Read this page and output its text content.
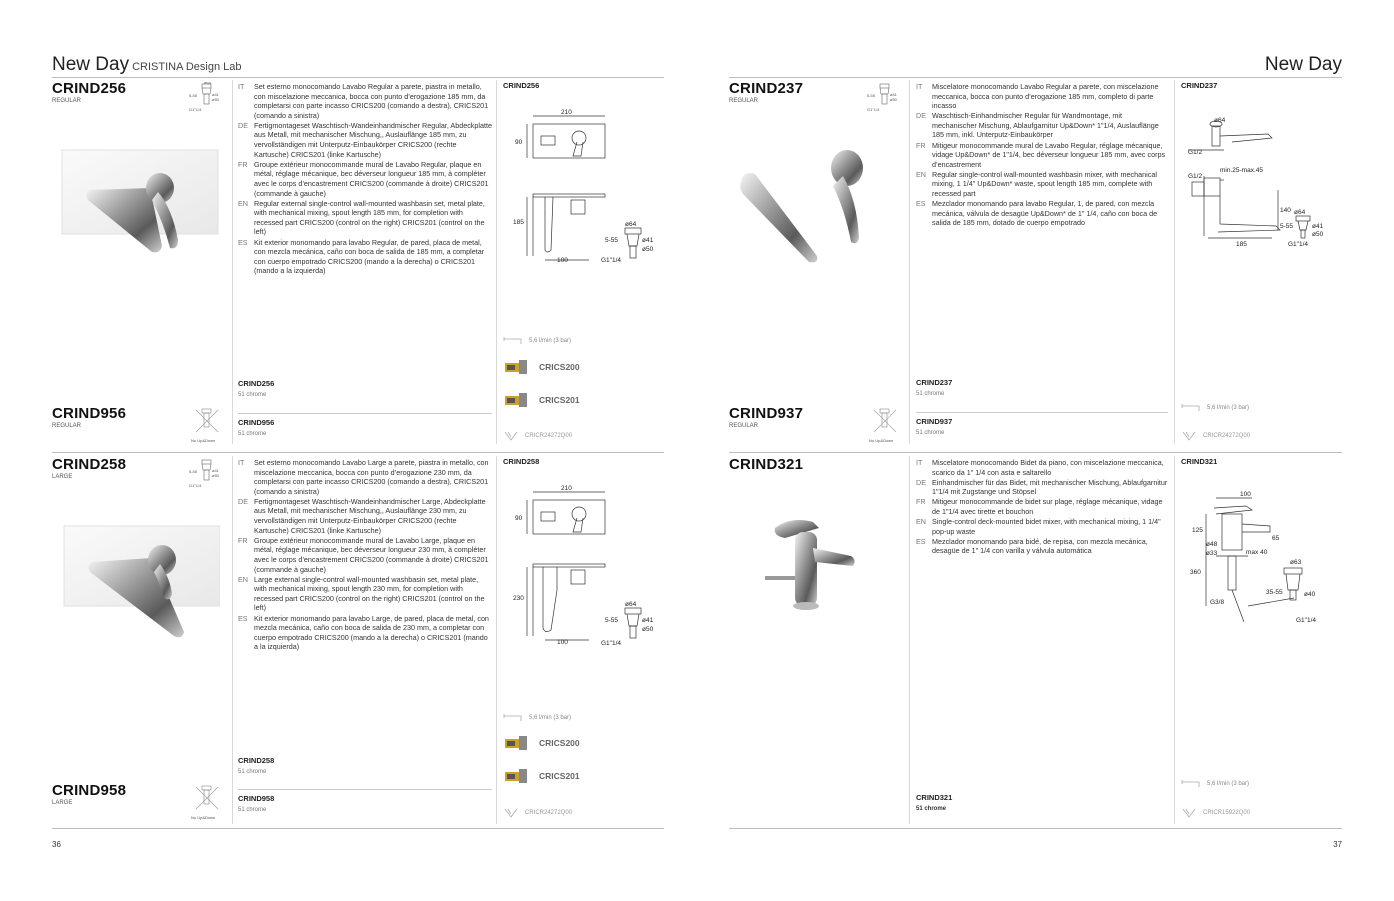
New Day CRISTINA Design Lab	New Day
CRIND256
REGULAR
5-55	ø41
ø50
G1"1/4
ø64	IT	Set esterno monocomando Lavabo Regular a parete, piastra in metallo, con miscelazione meccanica, bocca con punto d’erogazione 185 mm, da completarsi con parte incasso CRICS200 (comando a destra), CRICS201 (comando a sinistra)
DE Fertigmontageset Waschtisch-Wandeinhandmischer Regular, Abdeckplatte aus Metall, mit mechanischer Mischung,, Auslauflänge 185 mm, zu vervollständigen mit Unterputz-Einbaukörper CRICS200 (rechte Kartusche) CRICS201 (linke Kartusche)
FR Groupe extérieur monocommande mural de Lavabo Regular, plaque en métal, réglage mécanique, bec déverseur longueur 185 mm, à compléter avec le corps d’encastrement CRICS200 (commande à droite) CRICS201 (commande à gauche)
EN Regular external single-control wall-mounted washbasin set, metal plate, with mechanical mixing, spout length 185 mm, for completion with recessed part CRICS200 (control on the right) CRICS201 (control on the left)
ES Kit exterior monomando para lavabo Regular, de pared, placa de metal, con mezcla mecánica, caño con boca de salida de 185 mm, a completar con cuerpo empotrado CRICS200 (mando a la derecha) o CRICS201 (mando a la izquierda)
CRIND256
51 chrome
CRIND956
51 chrome
CRIND956
REGULAR
No Up&Down
CRIND256
210
90
185
100
ø64
5-55	ø41
ø50
G1"1/4
5,6 l/min (3 bar)
CRICS200
CRICS201
CRICR24272Q00
CRIND258
LARGE
5-55	ø41
ø50
G1"1/4
IT	Set esterno monocomando Lavabo Large a parete, piastra in metallo, con miscelazione meccanica, bocca con punto d’erogazione 230 mm, da completarsi con parte incasso CRICS200 (comando a destra), CRICS201 (comando a sinistra)
DE Fertigmontageset Waschtisch-Wandeinhandmischer Large, Abdeckplatte aus Metall, mit mechanischer Mischung,, Auslauflänge 230 mm, zu vervollständigen mit Unterputz-Einbaukörper CRICS200 (rechte Kartusche) CRICS201 (linke Kartusche)
FR Groupe extérieur monocommande mural de Lavabo Large, plaque en métal, réglage mécanique, bec déverseur longueur 230 mm, à compléter avec le corps d’encastrement CRICS200 (commande à droite) CRICS201 (commande à gauche)
EN Large external single-control wall-mounted washbasin set, metal plate, with mechanical mixing, spout length 230 mm, for completion with recessed part CRICS200 (control on the right) CRICS201 (control on the left)
ES Kit exterior monomando para lavabo Large, de pared, placa de metal, con mezcla mecánica, caño con boca de salida de 230 mm, a completar con cuerpo empotrado CRICS200 (mando a la derecha) o CRICS201 (mando a la izquierda)
CRIND258
51 chrome
CRIND958
51 chrome
CRIND958
LARGE
No Up&Down
CRIND258
210
90
230
100
ø64
5-55	ø41
ø50
G1"1/4
5,6 l/min (3 bar)
CRICS200
CRICS201
CRICR24272Q00
36
CRIND237
REGULAR
5-55	ø41
ø50
G1"1/4
IT	Miscelatore monocomando Lavabo Regular a parete, con miscelazione meccanica, bocca con punto d’erogazione 185 mm, completo di parte incasso
DE Waschtisch-Einhandmischer Regular für Wandmontage, mit mechanischer Mischung, Ablaufgarnitur Up&Down* 1"1/4, Auslauflänge 185 mm, inkl. Unterputz-Einbaukörper
FR Mitigeur monocommande mural de Lavabo Regular, réglage mécanique, vidage Up&Down* de 1"1/4, bec déverseur longueur 185 mm, avec corps d’encastrement
EN Regular single-control wall-mounted washbasin mixer, with mechanical mixing, 1 1/4" Up&Down* waste, spout length 185 mm, complete with recessed part
ES Mezclador monomando para lavabo Regular, 1, de pared, con mezcla mecánica, válvula de desagüe Up&Down* de 1" 1/4, caño con boca de salida de 185 mm, dotado de cuerpo empotrado
CRIND237
51 chrome
CRIND937
51 chrome
CRIND937
REGULAR
No Up&Down
CRIND237
ø64
G1/2
G1/2
min.25-max.45
140
185
ø64
5-55	ø41
ø50
G1"1/4
5,6 l/min (3 bar)
CRICR24272Q00
CRIND321	IT	Miscelatore monocomando Bidet da piano, con miscelazione meccanica, scarico da 1" 1/4 con asta e saltarello
DE Einhandmischer für das Bidet, mit mechanischer Mischung, Ablaufgarnitur 1"1/4 mit Zugstange und Stöpsel
FR Mitigeur monocommande de bidet sur plage, réglage mécanique, vidage de 1"1/4 avec tirette et bouchon
EN Single-control deck-mounted bidet mixer, with mechanical mixing, 1 1/4" pop-up waste
ES Mezclador monomando para bidé, de repisa, con mezcla mecánica, desagüe de 1" 1/4 con varilla y válvula automática
CRIND321
51 chrome
CRIND321
100
125
65
ø48
ø33	max 40
360
ø63
35-55	ø40
G3/8
G1"1/4
5,6 l/min (3 bar)
CRICR15922Q00
37
